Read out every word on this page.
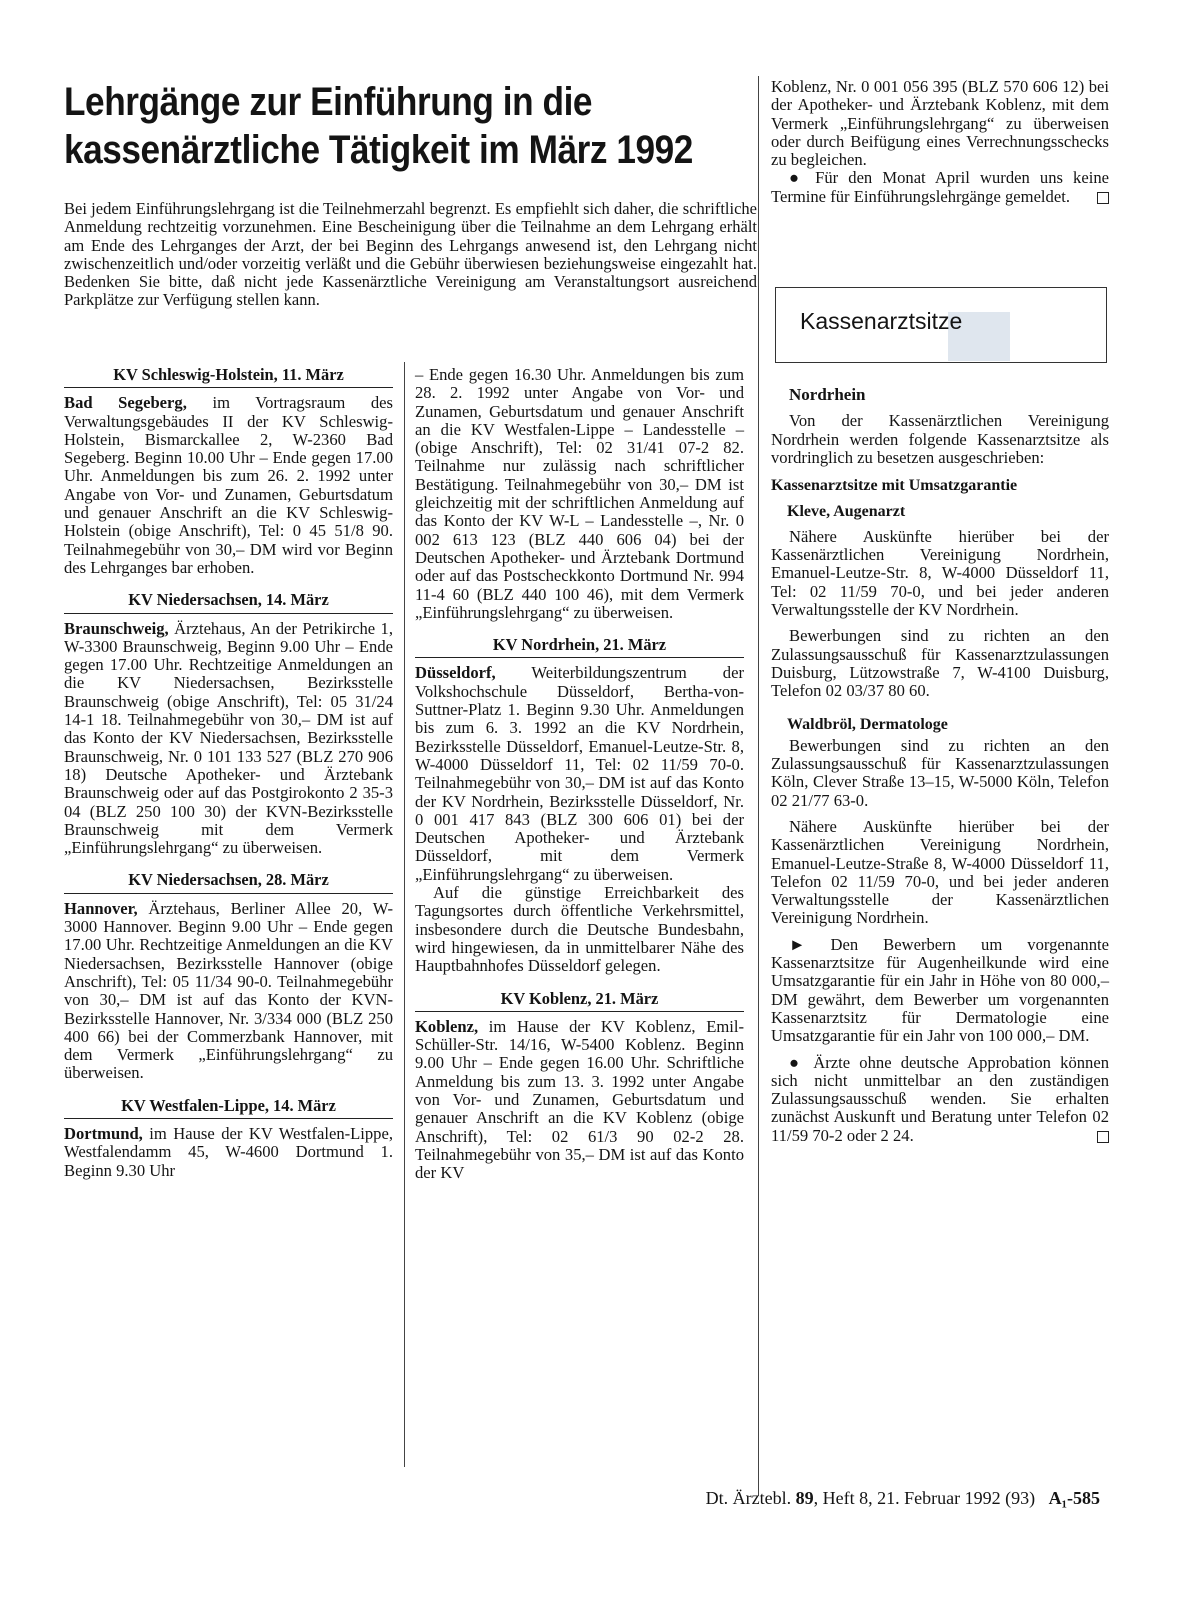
Lehrgänge zur Einführung in die
kassenärztliche Tätigkeit im März 1992

Bei jedem Einführungslehrgang ist die Teilnehmerzahl begrenzt. Es empfiehlt sich daher, die schriftliche Anmeldung rechtzeitig vorzunehmen. Eine Bescheinigung über die Teilnahme an dem Lehrgang erhält am Ende des Lehrganges der Arzt, der bei Beginn des Lehrgangs anwesend ist, den Lehrgang nicht zwischenzeitlich und/oder vorzeitig verläßt und die Gebühr überwiesen beziehungsweise eingezahlt hat. Bedenken Sie bitte, daß nicht jede Kassenärztliche Vereinigung am Veranstaltungsort ausreichend Parkplätze zur Verfügung stellen kann.

KV Schleswig-Holstein, 11. März

Bad Segeberg, im Vortragsraum des Verwaltungsgebäudes II der KV Schleswig-Holstein, Bismarckallee 2, W-2360 Bad Segeberg. Beginn 10.00 Uhr – Ende gegen 17.00 Uhr. Anmeldungen bis zum 26. 2. 1992 unter Angabe von Vor- und Zunamen, Geburtsdatum und genauer Anschrift an die KV Schleswig-Holstein (obige Anschrift), Tel: 0 45 51/8 90. Teilnahmegebühr von 30,– DM wird vor Beginn des Lehrganges bar erhoben.

KV Niedersachsen, 14. März

Braunschweig, Ärztehaus, An der Petrikirche 1, W-3300 Braunschweig, Beginn 9.00 Uhr – Ende gegen 17.00 Uhr. Rechtzeitige Anmeldungen an die KV Niedersachsen, Bezirksstelle Braunschweig (obige Anschrift), Tel: 05 31/24 14-1 18. Teilnahmegebühr von 30,– DM ist auf das Konto der KV Niedersachsen, Bezirksstelle Braunschweig, Nr. 0 101 133 527 (BLZ 270 906 18) Deutsche Apotheker- und Ärztebank Braunschweig oder auf das Postgirokonto 2 35-3 04 (BLZ 250 100 30) der KVN-Bezirksstelle Braunschweig mit dem Vermerk „Einführungslehrgang“ zu überweisen.

KV Niedersachsen, 28. März

Hannover, Ärztehaus, Berliner Allee 20, W-3000 Hannover. Beginn 9.00 Uhr – Ende gegen 17.00 Uhr. Rechtzeitige Anmeldungen an die KV Niedersachsen, Bezirksstelle Hannover (obige Anschrift), Tel: 05 11/34 90-0. Teilnahmegebühr von 30,– DM ist auf das Konto der KVN-Bezirksstelle Hannover, Nr. 3/334 000 (BLZ 250 400 66) bei der Commerzbank Hannover, mit dem Vermerk „Einführungslehrgang“ zu überweisen.

KV Westfalen-Lippe, 14. März

Dortmund, im Hause der KV Westfalen-Lippe, Westfalendamm 45, W-4600 Dortmund 1. Beginn 9.30 Uhr

– Ende gegen 16.30 Uhr. Anmeldungen bis zum 28. 2. 1992 unter Angabe von Vor- und Zunamen, Geburtsdatum und genauer Anschrift an die KV Westfalen-Lippe – Landesstelle – (obige Anschrift), Tel: 02 31/41 07-2 82. Teilnahme nur zulässig nach schriftlicher Bestätigung. Teilnahmegebühr von 30,– DM ist gleichzeitig mit der schriftlichen Anmeldung auf das Konto der KV W-L – Landesstelle –, Nr. 0 002 613 123 (BLZ 440 606 04) bei der Deutschen Apotheker- und Ärztebank Dortmund oder auf das Postscheckkonto Dortmund Nr. 994 11-4 60 (BLZ 440 100 46), mit dem Vermerk „Einführungslehrgang“ zu überweisen.

KV Nordrhein, 21. März

Düsseldorf, Weiterbildungszentrum der Volkshochschule Düsseldorf, Bertha-von-Suttner-Platz 1. Beginn 9.30 Uhr. Anmeldungen bis zum 6. 3. 1992 an die KV Nordrhein, Bezirksstelle Düsseldorf, Emanuel-Leutze-Str. 8, W-4000 Düsseldorf 11, Tel: 02 11/59 70-0. Teilnahmegebühr von 30,– DM ist auf das Konto der KV Nordrhein, Bezirksstelle Düsseldorf, Nr. 0 001 417 843 (BLZ 300 606 01) bei der Deutschen Apotheker- und Ärztebank Düsseldorf, mit dem Vermerk „Einführungslehrgang“ zu überweisen.

Auf die günstige Erreichbarkeit des Tagungsortes durch öffentliche Verkehrsmittel, insbesondere durch die Deutsche Bundesbahn, wird hingewiesen, da in unmittelbarer Nähe des Hauptbahnhofes Düsseldorf gelegen.

KV Koblenz, 21. März

Koblenz, im Hause der KV Koblenz, Emil-Schüller-Str. 14/16, W-5400 Koblenz. Beginn 9.00 Uhr – Ende gegen 16.00 Uhr. Schriftliche Anmeldung bis zum 13. 3. 1992 unter Angabe von Vor- und Zunamen, Geburtsdatum und genauer Anschrift an die KV Koblenz (obige Anschrift), Tel: 02 61/3 90 02-2 28. Teilnahmegebühr von 35,– DM ist auf das Konto der KV

Koblenz, Nr. 0 001 056 395 (BLZ 570 606 12) bei der Apotheker- und Ärztebank Koblenz, mit dem Vermerk „Einführungslehrgang“ zu überweisen oder durch Beifügung eines Verrechnungsschecks zu begleichen.

● Für den Monat April wurden uns keine Termine für Einführungslehrgänge gemeldet.

Kassenarztsitze
Nordrhein

Von der Kassenärztlichen Vereinigung Nordrhein werden folgende Kassenarztsitze als vordringlich zu besetzen ausgeschrieben:

Kassenarztsitze mit Umsatzgarantie
Kleve, Augenarzt

Nähere Auskünfte hierüber bei der Kassenärztlichen Vereinigung Nordrhein, Emanuel-Leutze-Str. 8, W-4000 Düsseldorf 11, Tel: 02 11/59 70-0, und bei jeder anderen Verwaltungsstelle der KV Nordrhein.

Bewerbungen sind zu richten an den Zulassungsausschuß für Kassenarztzulassungen Duisburg, Lützowstraße 7, W-4100 Duisburg, Telefon 02 03/37 80 60.

Waldbröl, Dermatologe

Bewerbungen sind zu richten an den Zulassungsausschuß für Kassenarztzulassungen Köln, Clever Straße 13–15, W-5000 Köln, Telefon 02 21/77 63-0.

Nähere Auskünfte hierüber bei der Kassenärztlichen Vereinigung Nordrhein, Emanuel-Leutze-Straße 8, W-4000 Düsseldorf 11, Telefon 02 11/59 70-0, und bei jeder anderen Verwaltungsstelle der Kassenärztlichen Vereinigung Nordrhein.

► Den Bewerbern um vorgenannte Kassenarztsitze für Augenheilkunde wird eine Umsatzgarantie für ein Jahr in Höhe von 80 000,– DM gewährt, dem Bewerber um vorgenannten Kassenarztsitz für Dermatologie eine Umsatzgarantie für ein Jahr von 100 000,– DM.

● Ärzte ohne deutsche Approbation können sich nicht unmittelbar an den zuständigen Zulassungsausschuß wenden. Sie erhalten zunächst Auskunft und Beratung unter Telefon 02 11/59 70-2 oder 2 24.

Dt. Ärztebl. 89, Heft 8, 21. Februar 1992 (93)   A₁-585
